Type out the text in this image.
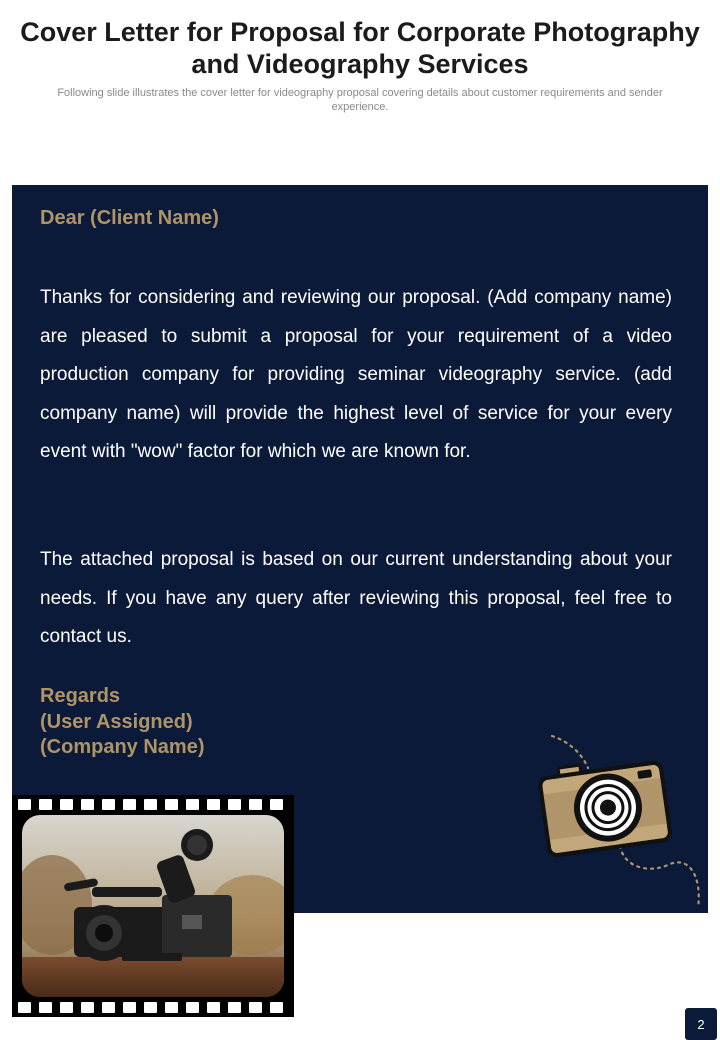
Cover Letter for Proposal for Corporate Photography and Videography Services
Following slide illustrates the cover letter for videography proposal covering details about customer requirements and sender experience.
Dear (Client Name)

Thanks for considering and reviewing our proposal. (Add company name) are pleased to submit a proposal for your requirement of a video production company for providing seminar videography service. (add company name) will provide the highest level of service for your every event with "wow" factor for which we are known for.

The attached proposal is based on our current understanding about your needs. If you have any query after reviewing this proposal, feel free to contact us.

Regards
(User Assigned)
(Company Name)
2
